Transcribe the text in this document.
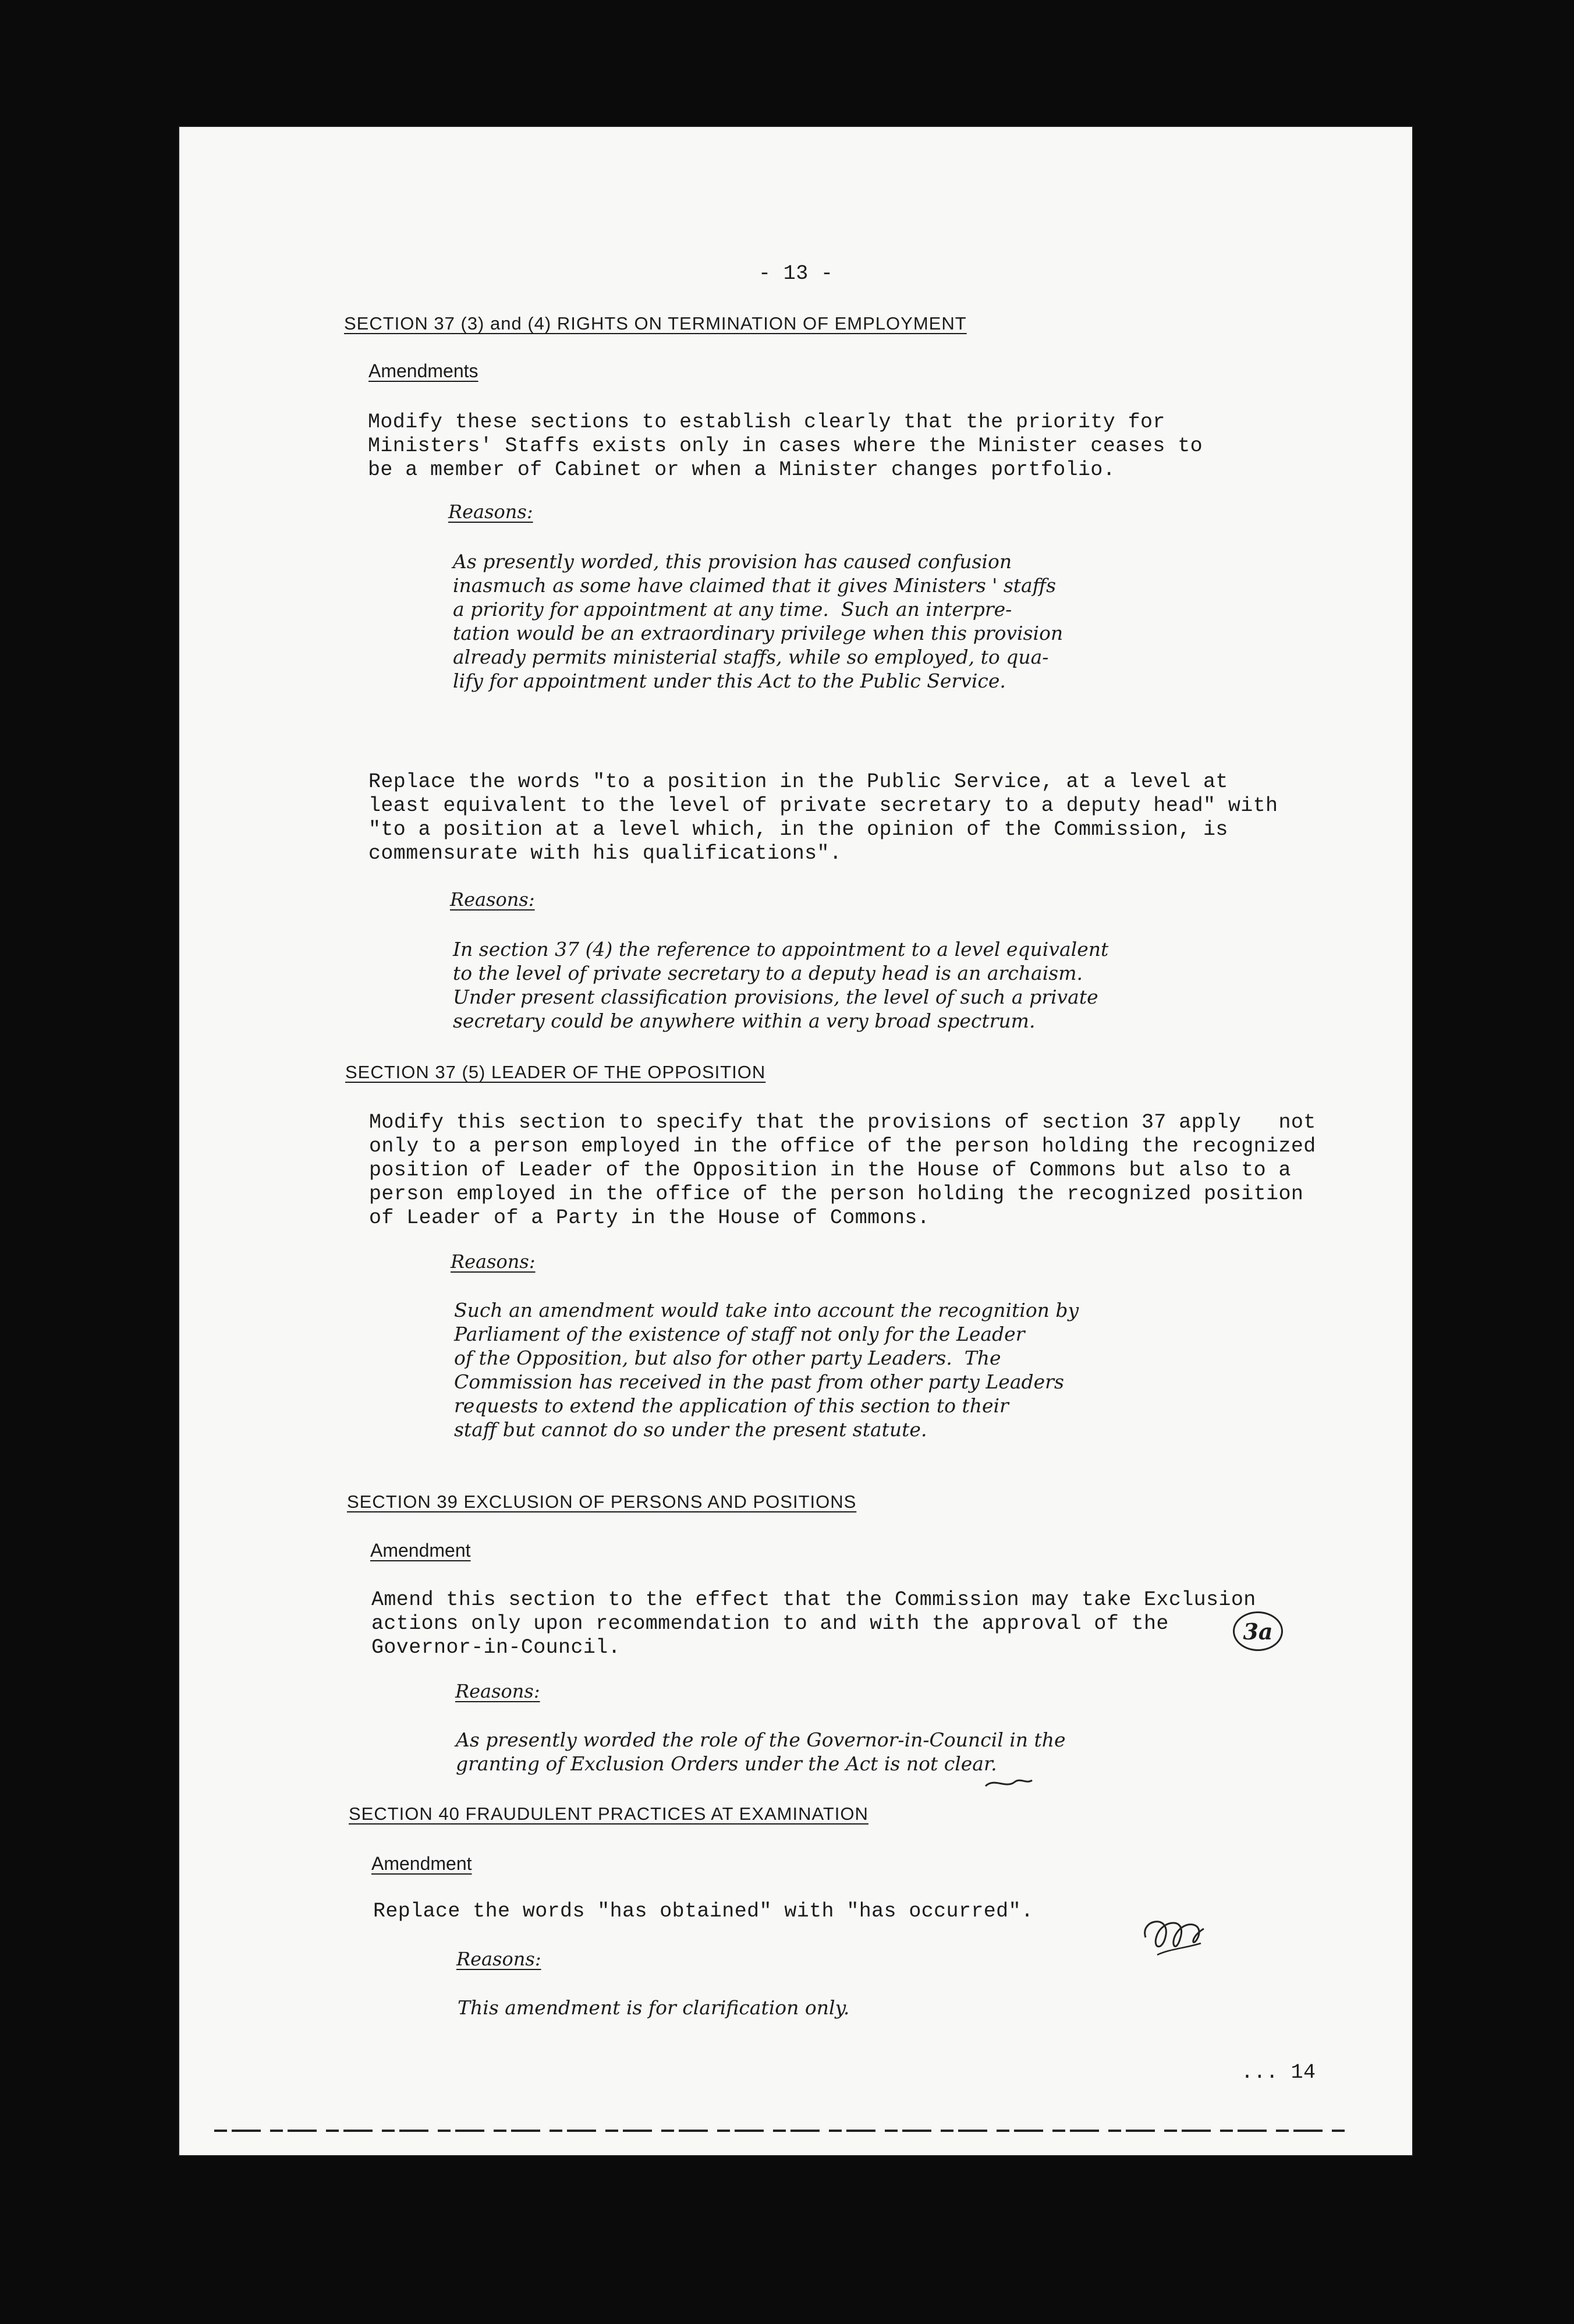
- 13 -
SECTION 37 (3) and (4) RIGHTS ON TERMINATION OF EMPLOYMENT
Amendments
Modify these sections to establish clearly that the priority for
Ministers' Staffs exists only in cases where the Minister ceases to
be a member of Cabinet or when a Minister changes portfolio.
Reasons:
As presently worded, this provision has caused confusion
inasmuch as some have claimed that it gives Ministers ' staffs
a priority for appointment at any time.  Such an interpre-
tation would be an extraordinary privilege when this provision
already permits ministerial staffs, while so employed, to qua-
lify for appointment under this Act to the Public Service.
Replace the words "to a position in the Public Service, at a level at
least equivalent to the level of private secretary to a deputy head" with
"to a position at a level which, in the opinion of the Commission, is
commensurate with his qualifications".
Reasons:
In section 37 (4) the reference to appointment to a level equivalent
to the level of private secretary to a deputy head is an archaism.
Under present classification provisions, the level of such a private
secretary could be anywhere within a very broad spectrum.
SECTION 37 (5) LEADER OF THE OPPOSITION
Modify this section to specify that the provisions of section 37 apply   not
only to a person employed in the office of the person holding the recognized
position of Leader of the Opposition in the House of Commons but also to a
person employed in the office of the person holding the recognized position
of Leader of a Party in the House of Commons.
Reasons:
Such an amendment would take into account the recognition by
Parliament of the existence of staff not only for the Leader
of the Opposition, but also for other party Leaders.  The
Commission has received in the past from other party Leaders
requests to extend the application of this section to their
staff but cannot do so under the present statute.
SECTION 39 EXCLUSION OF PERSONS AND POSITIONS
Amendment
Amend this section to the effect that the Commission may take Exclusion
actions only upon recommendation to and with the approval of the
Governor-in-Council.
Reasons:
As presently worded the role of the Governor-in-Council in the
granting of Exclusion Orders under the Act is not clear.
SECTION 40 FRAUDULENT PRACTICES AT EXAMINATION
Amendment
Replace the words "has obtained" with "has occurred".
Reasons:
This amendment is for clarification only.
... 14
3a
